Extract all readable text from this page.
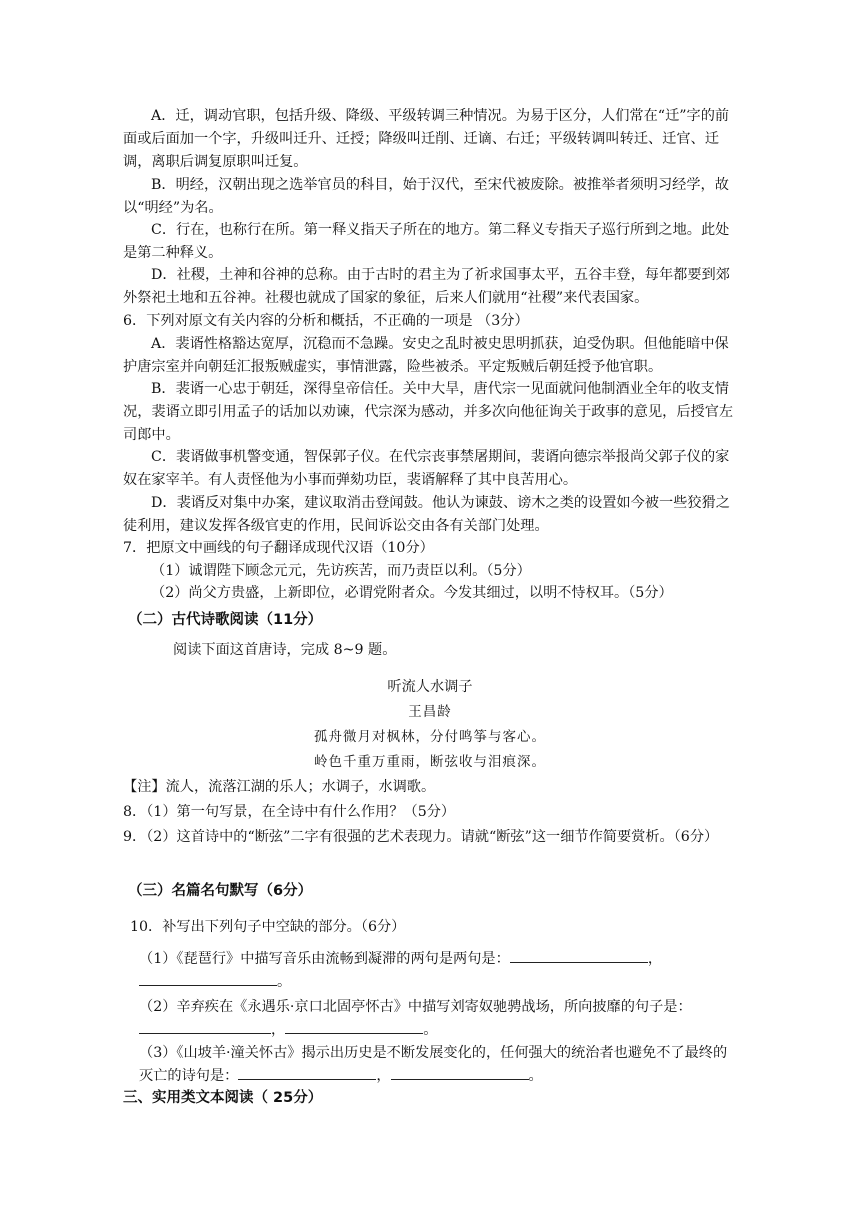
A．迁，调动官职，包括升级、降级、平级转调三种情况。为易于区分，人们常在“迁”字的前面或后面加一个字，升级叫迁升、迁授；降级叫迁削、迁谪、右迁；平级转调叫转迁、迁官、迁调，离职后调复原职叫迁复。

B．明经，汉朝出现之选举官员的科目，始于汉代，至宋代被废除。被推举者须明习经学，故以“明经”为名。

C．行在，也称行在所。第一释义指天子所在的地方。第二释义专指天子巡行所到之地。此处是第二种释义。

D．社稷，土神和谷神的总称。由于古时的君主为了祈求国事太平，五谷丰登，每年都要到郊外祭祀土地和五谷神。社稷也就成了国家的象征，后来人们就用“社稷”来代表国家。

6．下列对原文有关内容的分析和概括，不正确的一项是 （3分）

A．裴谞性格豁达宽厚，沉稳而不急躁。安史之乱时被史思明抓获，迫受伪职。但他能暗中保护唐宗室并向朝廷汇报叛贼虚实，事情泄露，险些被杀。平定叛贼后朝廷授予他官职。

B．裴谞一心忠于朝廷，深得皇帝信任。关中大旱，唐代宗一见面就问他制酒业全年的收支情况，裴谞立即引用孟子的话加以劝谏，代宗深为感动，并多次向他征询关于政事的意见，后授官左司郎中。

C．裴谞做事机警变通，智保郭子仪。在代宗丧事禁屠期间，裴谞向德宗举报尚父郭子仪的家奴在家宰羊。有人责怪他为小事而弹劾功臣，裴谞解释了其中良苦用心。

D．裴谞反对集中办案，建议取消击登闻鼓。他认为谏鼓、谤木之类的设置如今被一些狡猾之徒利用，建议发挥各级官吏的作用，民间诉讼交由各有关部门处理。

7．把原文中画线的句子翻译成现代汉语（10分）

（1）诚谓陛下顾念元元，先访疾苦，而乃责臣以利。（5分）

（2）尚父方贵盛，上新即位，必谓党附者众。今发其细过，以明不恃权耳。（5分）

（二）古代诗歌阅读（11分）

阅读下面这首唐诗，完成 8~9 题。

听流人水调子

王昌龄

孤舟微月对枫林，分付鸣筝与客心。

岭色千重万重雨，断弦收与泪痕深。

【注】流人，流落江湖的乐人；水调子，水调歌。

8．（1）第一句写景，在全诗中有什么作用？（5分）

9．（2）这首诗中的“断弦”二字有很强的艺术表现力。请就“断弦”这一细节作简要赏析。（6分）

（三）名篇名句默写（6分）

10．补写出下列句子中空缺的部分。（6分）

（1）《琵琶行》中描写音乐由流畅到凝滞的两句是两句是：	，
。

（2）辛弃疾在《永遇乐·京口北固亭怀古》中描写刘寄奴驰骋战场，所向披靡的句子是：
，	。

（3）《山坡羊·潼关怀古》揭示出历史是不断发展变化的，任何强大的统治者也避免不了最终的灭亡的诗句是：	，	。

三、实用类文本阅读（ 25分）
